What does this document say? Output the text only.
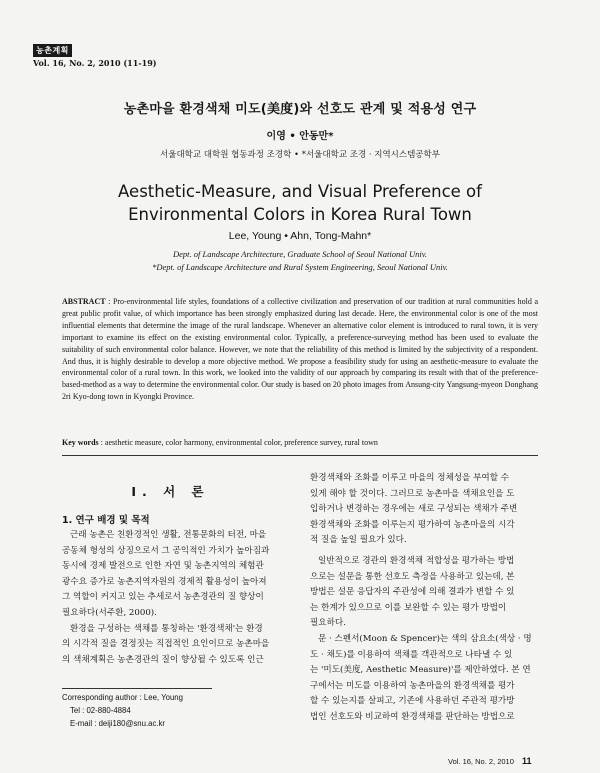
농촌계획
Vol. 16, No. 2, 2010 (11-19)
농촌마을 환경색채 미도(美度)와 선호도 관계 및 적용성 연구
이영 • 안동만*
서울대학교 대학원 협동과정 조경학 • *서울대학교 조경 · 지역시스템공학부
Aesthetic-Measure, and Visual Preference of
Environmental Colors in Korea Rural Town
Lee, Young • Ahn, Tong-Mahn*
Dept. of Landscape Architecture, Graduate School of Seoul National Univ.
*Dept. of Landscape Architecture and Rural System Engineering, Seoul National Univ.
ABSTRACT : Pro-environmental life styles, foundations of a collective civilization and preservation of our tradition at rural communities hold a great public profit value, of which importance has been strongly emphasized during last decade. Here, the environmental color is one of the most influential elements that determine the image of the rural landscape. Whenever an alternative color element is introduced to rural town, it is very important to examine its effect on the existing environmental color. Typically, a preference-surveying method has been used to evaluate the suitability of such environmental color balance. However, we note that the reliability of this method is limited by the subjectivity of a respondent. And thus, it is highly desirable to develop a more objective method. We propose a feasibility study for using an aesthetic-measure to evaluate the environmental color of a rural town. In this work, we looked into the validity of our approach by comparing its result with that of the preference-based-method as a way to determine the environmental color. Our study is based on 20 photo images from Ansung-city Yangsung-myeon Donghang 2ri Kyo-dong town in Kyongki Province.
Key words : aesthetic measure, color harmony, environmental color, preference survey, rural town
I. 서 론
1. 연구 배경 및 목적
근래 농촌은 친환경적인 생활, 전통문화의 터전, 마을
공동체 형성의 상징으로서 그 공익적인 가치가 높아짐과
동시에 경제 발전으로 인한 자연 및 농촌지역의 체험관
광수요 증가로 농촌지역자원의 경제적 활용성이 높아져
그 역할이 커지고 있는 추세로서 농촌경관의 질 향상이
필요하다(서주환, 2000).
환경을 구성하는 색채를 통칭하는 '환경색채'는 환경
의 시각적 질을 결정짓는 직접적인 요인이므로 농촌마을
의 색채계획은 농촌경관의 질이 향상될 수 있도록 인근
Corresponding author : Lee, Young
Tel : 02-880-4884
E-mail : deiji180@snu.ac.kr
환경색채와 조화를 이루고 마을의 정체성을 부여할 수
있게 해야 할 것이다. 그러므로 농촌마을 색채요인을 도
입하거나 변경하는 경우에는 새로 구성되는 색채가 주변
환경색채와 조화를 이루는지 평가하여 농촌마을의 시각
적 질을 높일 필요가 있다.
일반적으로 경관의 환경색채 적합성을 평가하는 방법
으로는 설문을 통한 선호도 측정을 사용하고 있는데, 본
방법은 설문 응답자의 주관성에 의해 결과가 변할 수 있
는 한계가 있으므로 이를 보완할 수 있는 평가 방법이
필요하다.
문 · 스펜서(Moon & Spencer)는 색의 삼요소(색상 · 명
도 · 채도)를 이용하여 색채를 객관적으로 나타낼 수 있
는 '미도(美度, Aesthetic Measure)'를 제안하였다. 본 연
구에서는 미도를 이용하여 농촌마을의 환경색채를 평가
할 수 있는지를 살피고, 기존에 사용하던 주관적 평가방
법인 선호도와 비교하여 환경색채를 판단하는 방법으로
Vol. 16, No. 2, 2010 11
